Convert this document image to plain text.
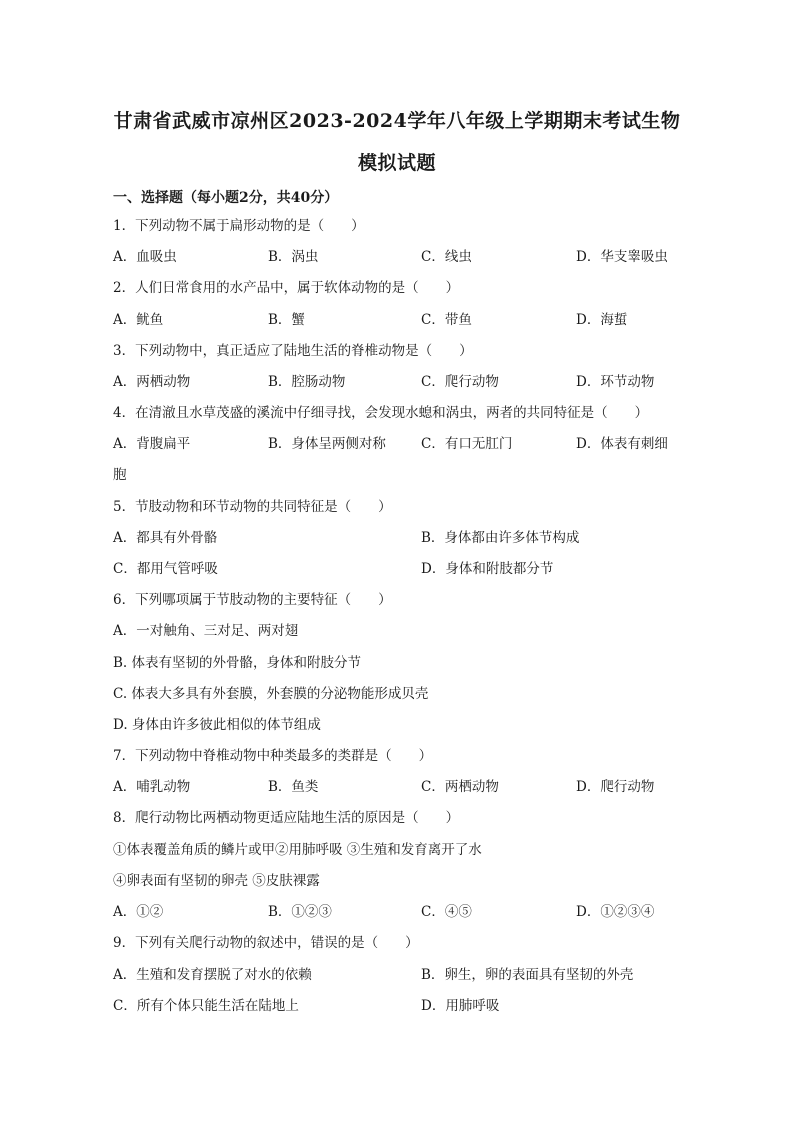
甘肃省武威市凉州区2023-2024学年八年级上学期期末考试生物
模拟试题
一、选择题（每小题2分，共40分）
1．下列动物不属于扁形动物的是（　　）
A．血吸虫	B．涡虫	C．线虫	D．华支睾吸虫
2．人们日常食用的水产品中，属于软体动物的是（　　）
A．鱿鱼	B．蟹	C．带鱼	D．海蜇
3．下列动物中，真正适应了陆地生活的脊椎动物是（　　）
A．两栖动物	B．腔肠动物	C．爬行动物	D．环节动物
4．在清澈且水草茂盛的溪流中仔细寻找，会发现水螅和涡虫，两者的共同特征是（　　）
A．背腹扁平	B．身体呈两侧对称	C．有口无肛门	D．体表有刺细
胞
5．节肢动物和环节动物的共同特征是（　　）
A．都具有外骨骼	B．身体都由许多体节构成
C．都用气管呼吸	D．身体和附肢都分节
6．下列哪项属于节肢动物的主要特征（　　）
A．一对触角、三对足、两对翅
B. 体表有坚韧的外骨骼，身体和附肢分节
C. 体表大多具有外套膜，外套膜的分泌物能形成贝壳
D. 身体由许多彼此相似的体节组成
7．下列动物中脊椎动物中种类最多的类群是（　　）
A．哺乳动物	B．鱼类	C．两栖动物	D．爬行动物
8．爬行动物比两栖动物更适应陆地生活的原因是（　　）
①体表覆盖角质的鳞片或甲②用肺呼吸 ③生殖和发育离开了水
④卵表面有坚韧的卵壳 ⑤皮肤裸露
A．①②	B．①②③	C．④⑤	D．①②③④
9．下列有关爬行动物的叙述中，错误的是（　　）
A．生殖和发育摆脱了对水的依赖	B．卵生，卵的表面具有坚韧的外壳
C．所有个体只能生活在陆地上	D．用肺呼吸
